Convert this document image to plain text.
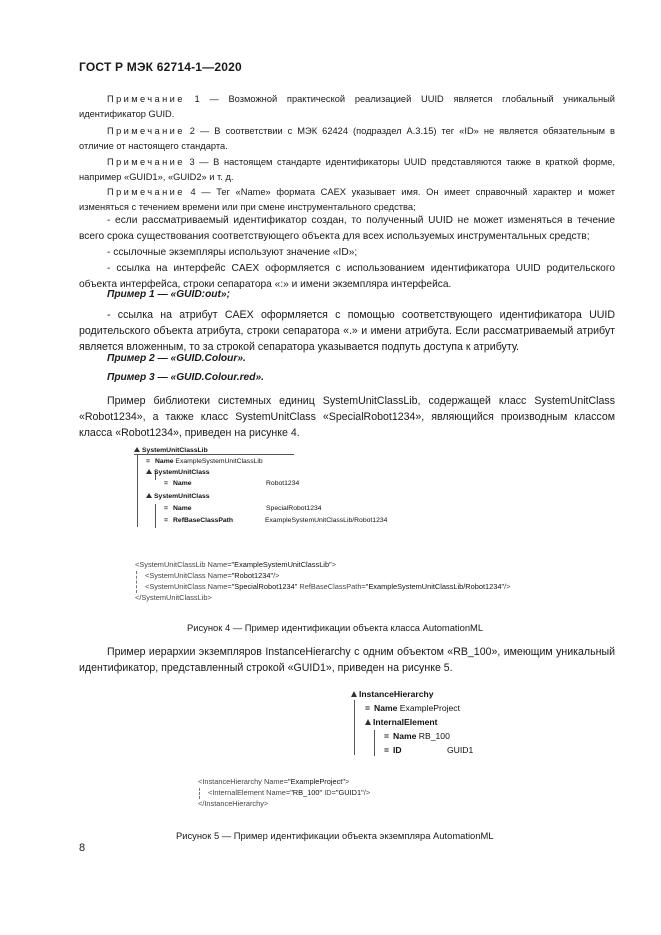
ГОСТ Р МЭК 62714-1—2020
Примечание 1 — Возможной практической реализацией UUID является глобальный уникальный идентификатор GUID.
Примечание 2 — В соответствии с МЭК 62424 (подраздел А.3.15) тег «ID» не является обязательным в отличие от настоящего стандарта.
Примечание 3 — В настоящем стандарте идентификаторы UUID представляются также в краткой форме, например «GUID1», «GUID2» и т. д.
Примечание 4 — Тег «Name» формата CAEX указывает имя. Он имеет справочный характер и может изменяться с течением времени или при смене инструментального средства;
- если рассматриваемый идентификатор создан, то полученный UUID не может изменяться в течение всего срока существования соответствующего объекта для всех используемых инструментальных средств;
- ссылочные экземпляры используют значение «ID»;
- ссылка на интерфейс CAEX оформляется с использованием идентификатора UUID родительского объекта интерфейса, строки сепаратора «:» и имени экземпляра интерфейса.
Пример 1 — «GUID:out»;
- ссылка на атрибут CAEX оформляется с помощью соответствующего идентификатора UUID родительского объекта атрибута, строки сепаратора «.» и имени атрибута. Если рассматриваемый атрибут является вложенным, то за строкой сепаратора указывается подпуть доступа к атрибуту.
Пример 2 — «GUID.Colour».
Пример 3 — «GUID.Colour.red».
Пример библиотеки системных единиц SystemUnitClassLib, содержащей класс SystemUnitClass «Robot1234», а также класс SystemUnitClass «SpecialRobot1234», являющийся производным классом класса «Robot1234», приведен на рисунке 4.
SystemUnitClassLib
= Name ExampleSystemUnitClassLib
SystemUnitClass
= Name	Robot1234
SystemUnitClass
= Name	SpecialRobot1234
= RefBaseClassPath	ExampleSystemUnitClassLib/Robot1234
<SystemUnitClassLib Name="ExampleSystemUnitClassLib">
<SystemUnitClass Name="Robot1234"/>
<SystemUnitClass Name="SpecialRobot1234" RefBaseClassPath="ExampleSystemUnitClassLib/Robot1234"/>
</SystemUnitClassLib>
Рисунок 4 — Пример идентификации объекта класса AutomationML
Пример иерархии экземпляров InstanceHierarchy с одним объектом «RB_100», имеющим уникальный идентификатор, представленный строкой «GUID1», приведен на рисунке 5.
InstanceHierarchy
= Name ExampleProject
InternalElement
= Name RB_100
= ID	GUID1
<InstanceHierarchy Name="ExampleProject">
<InternalElement Name="RB_100" ID="GUID1"/>
</InstanceHierarchy>
Рисунок 5 — Пример идентификации объекта экземпляра AutomationML
8
